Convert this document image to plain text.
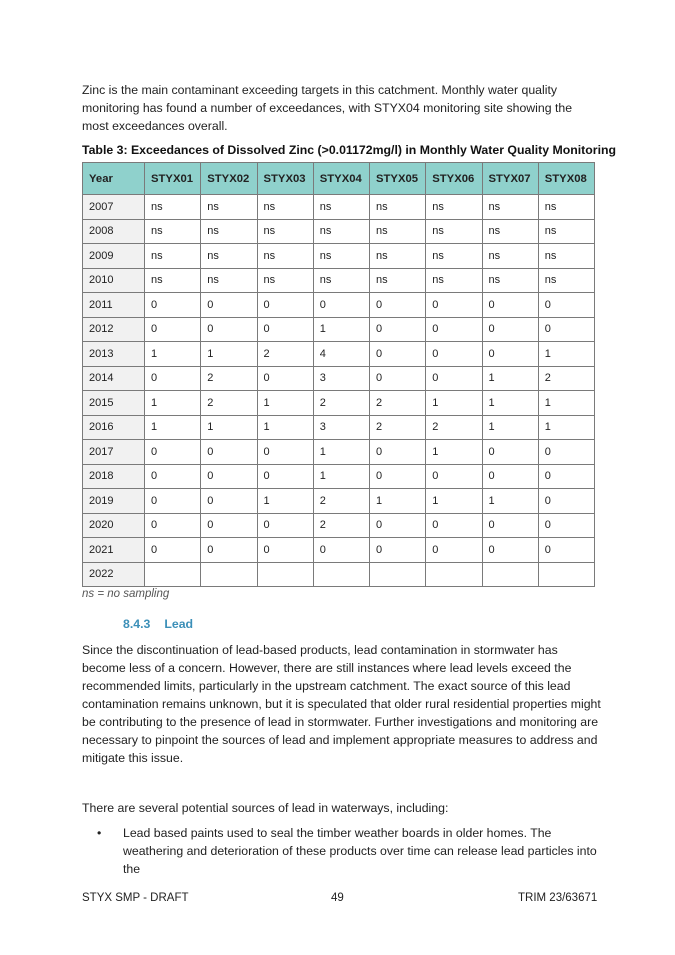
Zinc is the main contaminant exceeding targets in this catchment. Monthly water quality monitoring has found a number of exceedances, with STYX04 monitoring site showing the most exceedances overall.

Table 3: Exceedances of Dissolved Zinc (>0.01172mg/l) in Monthly Water Quality Monitoring

Year	STYX01	STYX02	STYX03	STYX04	STYX05	STYX06	STYX07	STYX08
2007	ns	ns	ns	ns	ns	ns	ns	ns
2008	ns	ns	ns	ns	ns	ns	ns	ns
2009	ns	ns	ns	ns	ns	ns	ns	ns
2010	ns	ns	ns	ns	ns	ns	ns	ns
2011	0	0	0	0	0	0	0	0
2012	0	0	0	1	0	0	0	0
2013	1	1	2	4	0	0	0	1
2014	0	2	0	3	0	0	1	2
2015	1	2	1	2	2	1	1	1
2016	1	1	1	3	2	2	1	1
2017	0	0	0	1	0	1	0	0
2018	0	0	0	1	0	0	0	0
2019	0	0	1	2	1	1	1	0
2020	0	0	0	2	0	0	0	0
2021	0	0	0	0	0	0	0	0
2022								

ns = no sampling

8.4.3 Lead

Since the discontinuation of lead-based products, lead contamination in stormwater has become less of a concern. However, there are still instances where lead levels exceed the recommended limits, particularly in the upstream catchment. The exact source of this lead contamination remains unknown, but it is speculated that older rural residential properties might be contributing to the presence of lead in stormwater. Further investigations and monitoring are necessary to pinpoint the sources of lead and implement appropriate measures to address and mitigate this issue.

There are several potential sources of lead in waterways, including:

• Lead based paints used to seal the timber weather boards in older homes. The weathering and deterioration of these products over time can release lead particles into the

STYX SMP - DRAFT	49	TRIM 23/63671
